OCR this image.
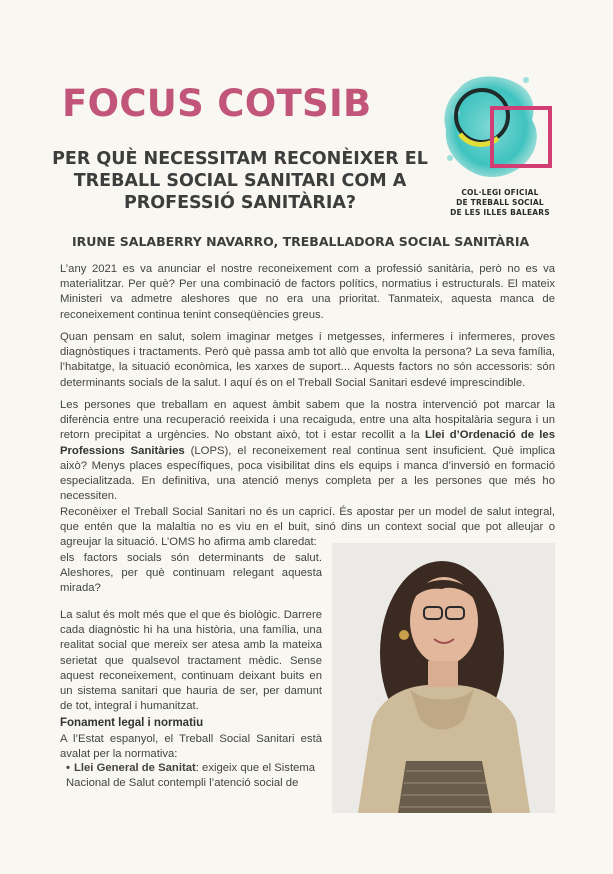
FOCUS COTSIB
PER QUÈ NECESSITAM RECONÈIXER EL TREBALL SOCIAL SANITARI COM A PROFESSIÓ SANITÀRIA?
COL·LEGI OFICIAL
DE TREBALL SOCIAL
DE LES ILLES BALEARS

IRUNE SALABERRY NAVARRO, TREBALLADORA SOCIAL SANITÀRIA

L’any 2021 es va anunciar el nostre reconeixement com a professió sanitària, però no es va materialitzar. Per què? Per una combinació de factors polítics, normatius i estructurals. El mateix Ministeri va admetre aleshores que no era una prioritat. Tanmateix, aquesta manca de reconeixement continua tenint conseqüències greus.

Quan pensam en salut, solem imaginar metges i metgesses, infermeres i infermeres, proves diagnòstiques i tractaments. Però què passa amb tot allò que envolta la persona? La seva família, l’habitatge, la situació econòmica, les xarxes de suport... Aquests factors no són accessoris: són determinants socials de la salut. I aquí és on el Treball Social Sanitari esdevé imprescindible.

Les persones que treballam en aquest àmbit sabem que la nostra intervenció pot marcar la diferència entre una recuperació reeixida i una recaiguda, entre una alta hospitalària segura i un retorn precipitat a urgències. No obstant això, tot i estar recollit a la Llei d’Ordenació de les Professions Sanitàries (LOPS), el reconeixement real continua sent insuficient. Què implica això? Menys places específiques, poca visibilitat dins els equips i manca d’inversió en formació especialitzada. En definitiva, una atenció menys completa per a les persones que més ho necessiten.

Reconèixer el Treball Social Sanitari no és un capricí. És apostar per un model de salut integral, que entén que la malaltia no es viu en el buit, sinó dins un context social que pot alleujar o agreujar la situació. L’OMS ho afirma amb claredat:

els factors socials són determinants de salut. Aleshores, per què continuam relegant aquesta mirada?

La salut és molt més que el que és biològic. Darrere cada diagnòstic hi ha una història, una família, una realitat social que mereix ser atesa amb la mateixa serietat que qualsevol tractament mèdic. Sense aquest reconeixement, continuam deixant buits en un sistema sanitari que hauria de ser, per damunt de tot, integral i humanitzat.

Fonament legal i normatiu

A l’Estat espanyol, el Treball Social Sanitari està avalat per la normativa:

• Llei General de Sanitat: exigeix que el Sistema Nacional de Salut contempli l’atenció social de
